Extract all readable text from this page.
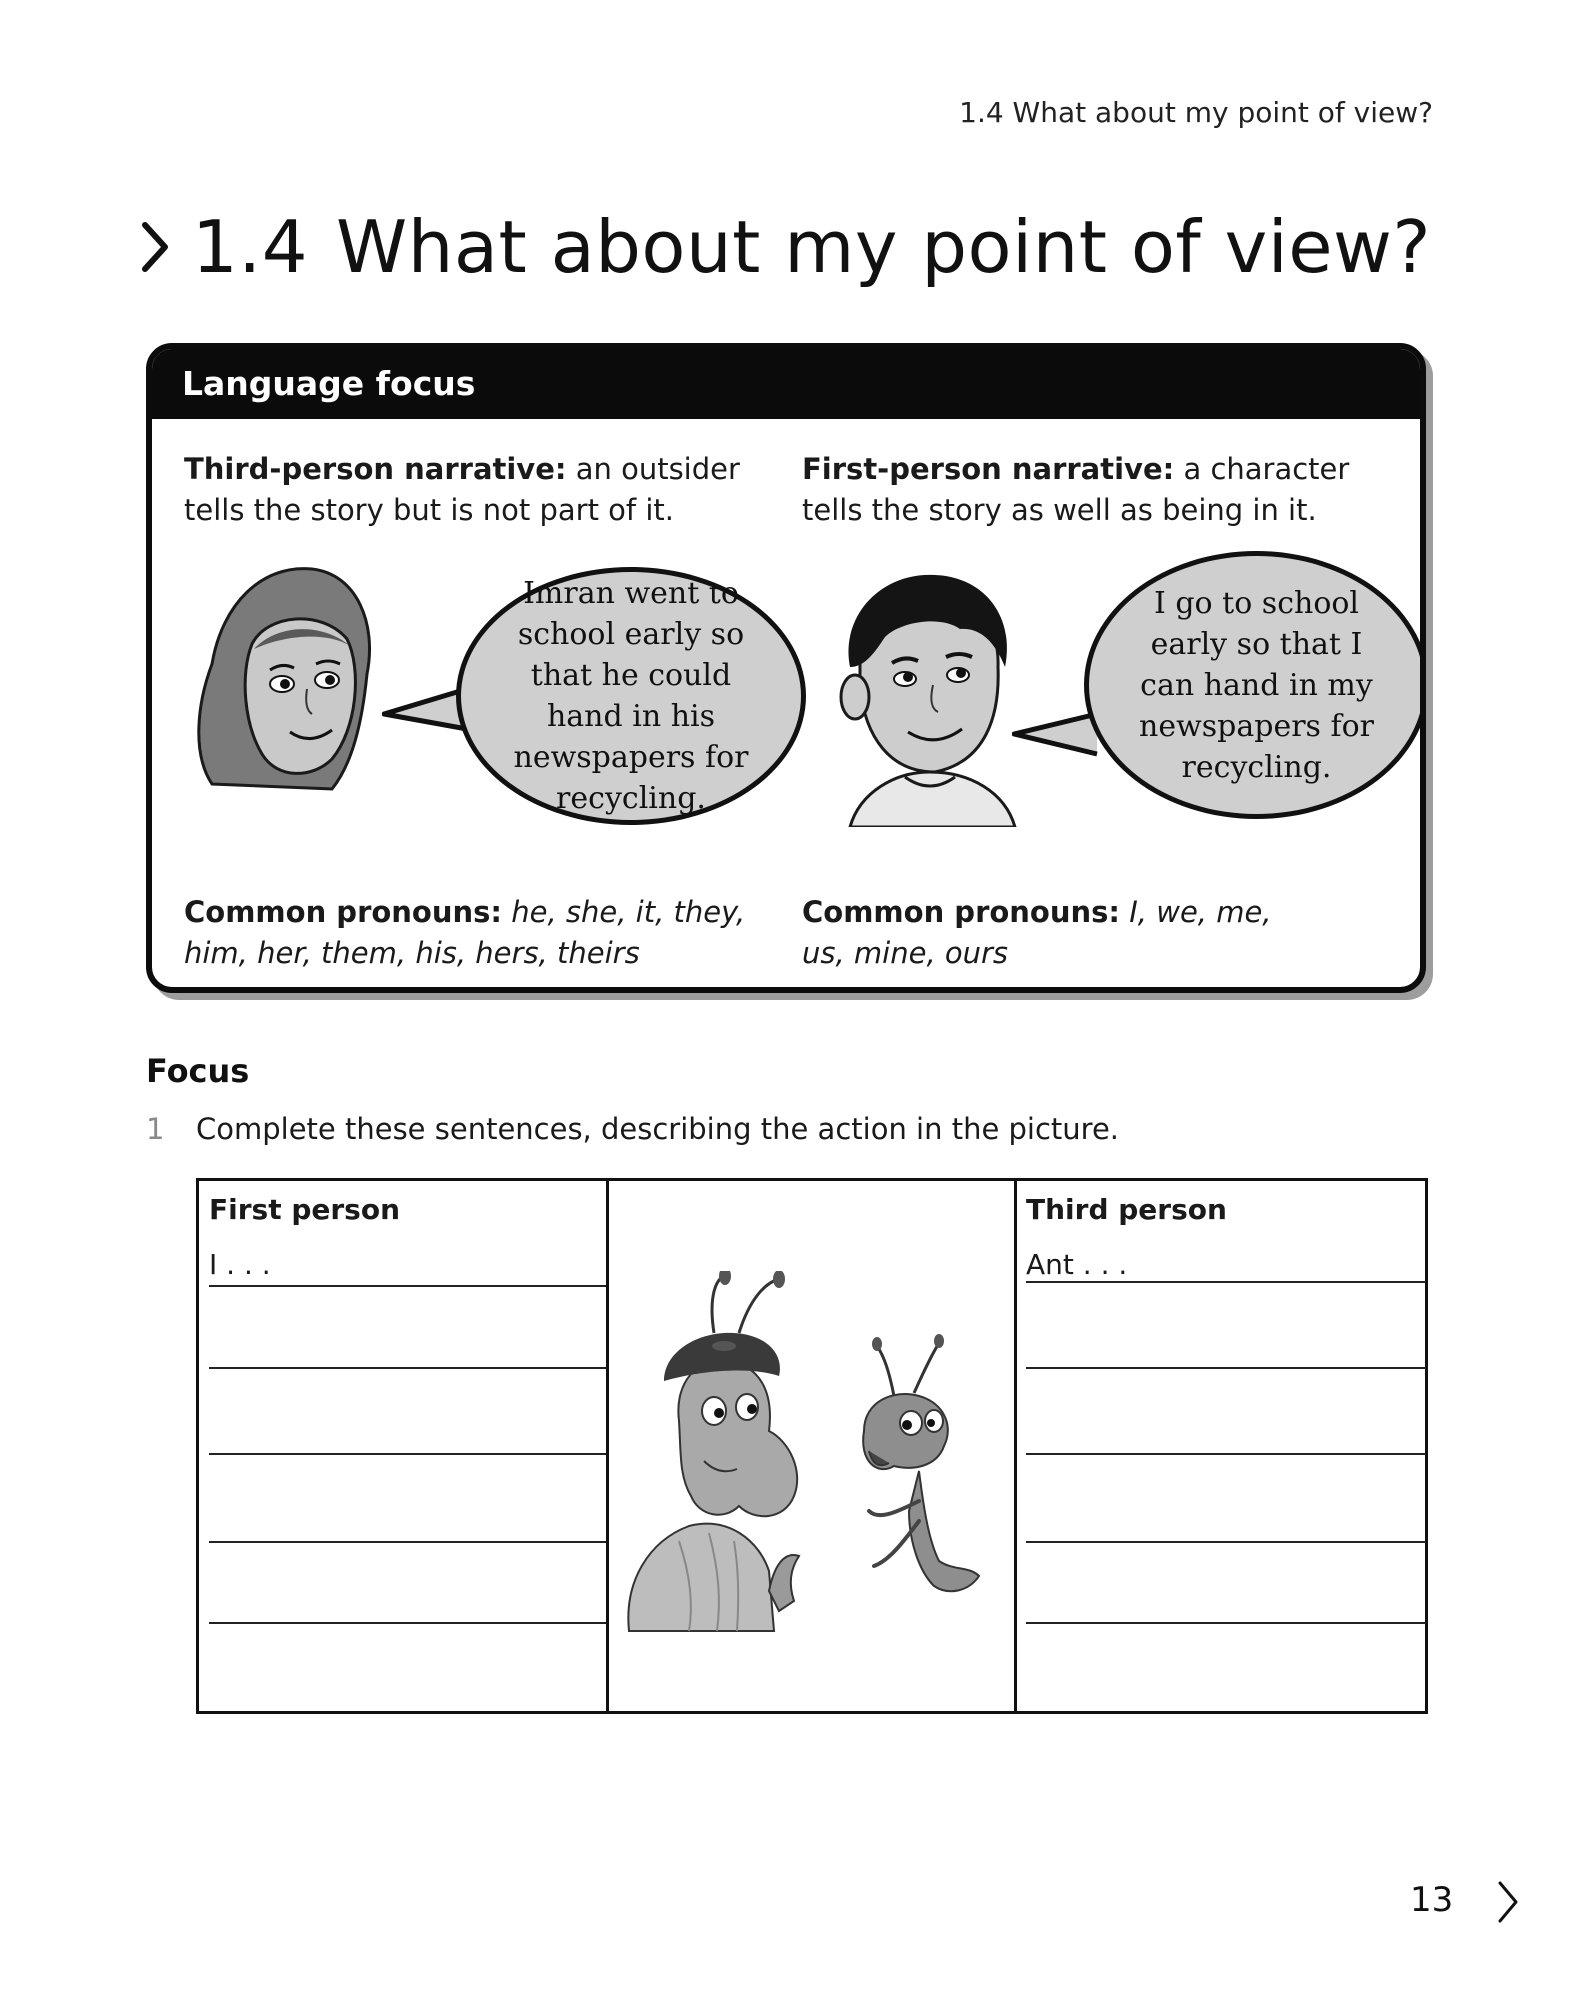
1.4 What about my point of view?
1.4 What about my point of view?
Language focus
Third-person narrative: an outsider tells the story but is not part of it.
First-person narrative: a character tells the story as well as being in it.
Imran went to school early so that he could hand in his newspapers for recycling.
I go to school early so that I can hand in my newspapers for recycling.
Common pronouns: he, she, it, they, him, her, them, his, hers, theirs
Common pronouns: I, we, me, us, mine, ours
Focus
1 Complete these sentences, describing the action in the picture.
First person
I . . .
Third person
Ant . . .
13
